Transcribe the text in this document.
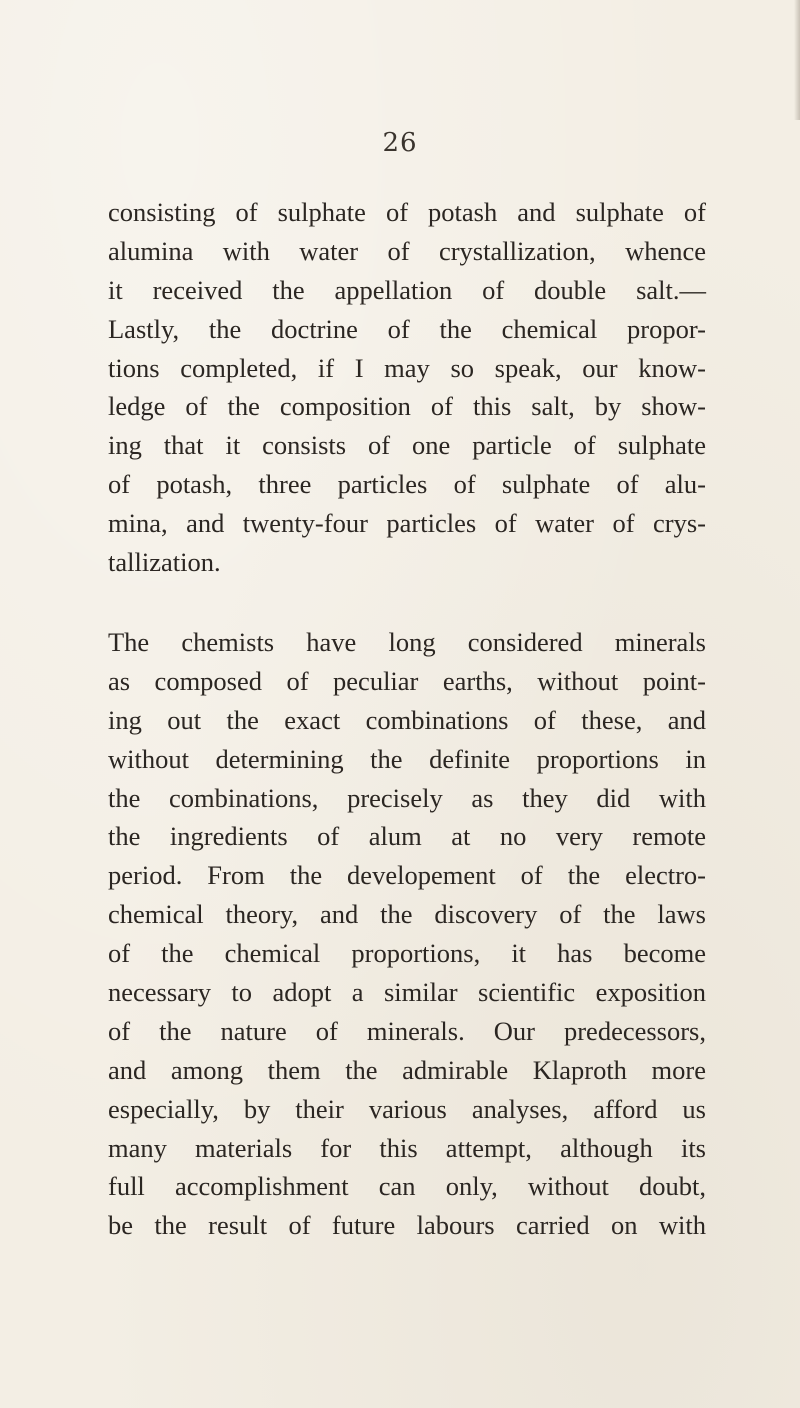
26
consisting of sulphate of potash and sulphate of
alumina with water of crystallization, whence
it received the appellation of double salt.—
Lastly, the doctrine of the chemical propor-
tions completed, if I may so speak, our know-
ledge of the composition of this salt, by show-
ing that it consists of one particle of sulphate
of potash, three particles of sulphate of alu-
mina, and twenty-four particles of water of crys-
tallization.
The chemists have long considered minerals
as composed of peculiar earths, without point-
ing out the exact combinations of these, and
without determining the definite proportions in
the combinations, precisely as they did with
the ingredients of alum at no very remote
period. From the developement of the electro-
chemical theory, and the discovery of the laws
of the chemical proportions, it has become
necessary to adopt a similar scientific exposition
of the nature of minerals. Our predecessors,
and among them the admirable Klaproth more
especially, by their various analyses, afford us
many materials for this attempt, although its
full accomplishment can only, without doubt,
be the result of future labours carried on with
